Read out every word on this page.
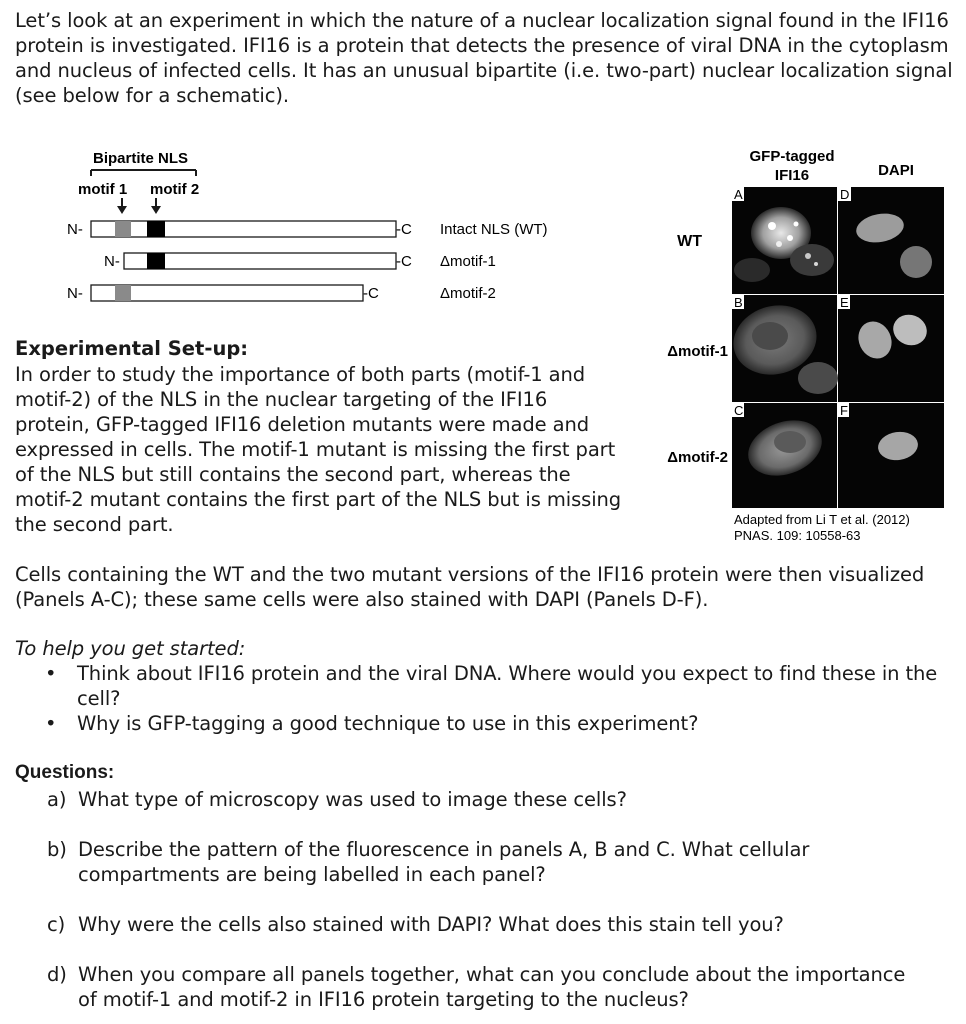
Let’s look at an experiment in which the nature of a nuclear localization signal found in the IFI16 protein is investigated. IFI16 is a protein that detects the presence of viral DNA in the cytoplasm and nucleus of infected cells. It has an unusual bipartite (i.e. two-part) nuclear localization signal (see below for a schematic).
Bipartite NLS
motif 1 motif 2
N-	-C Intact NLS (WT)
N-	-C Δmotif-1
N-	-C	Δmotif-2
Experimental Set-up:
In order to study the importance of both parts (motif-1 and motif-2) of the NLS in the nuclear targeting of the IFI16 protein, GFP-tagged IFI16 deletion mutants were made and expressed in cells. The motif-1 mutant is missing the first part of the NLS but still contains the second part, whereas the motif-2 mutant contains the first part of the NLS but is missing the second part.
GFP-tagged
IFI16	DAPI
WT
Δmotif-1
Δmotif-2
A	D
B	E
C	F
Adapted from Li T et al. (2012)
PNAS. 109: 10558-63
Cells containing the WT and the two mutant versions of the IFI16 protein were then visualized (Panels A-C); these same cells were also stained with DAPI (Panels D-F).
To help you get started:
• Think about IFI16 protein and the viral DNA. Where would you expect to find these in the cell?
• Why is GFP-tagging a good technique to use in this experiment?
Questions:
a) What type of microscopy was used to image these cells?
b) Describe the pattern of the fluorescence in panels A, B and C. What cellular compartments are being labelled in each panel?
c) Why were the cells also stained with DAPI? What does this stain tell you?
d) When you compare all panels together, what can you conclude about the importance of motif-1 and motif-2 in IFI16 protein targeting to the nucleus?
